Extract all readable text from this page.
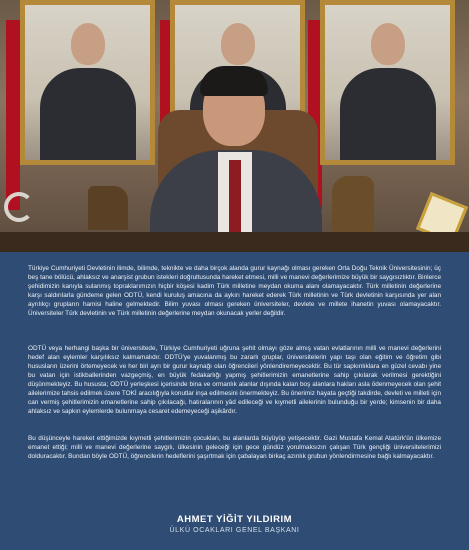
Türkiye Cumhuriyeti Devletinin ilimde, bilimde, teknikte ve daha birçok alanda gurur kaynağı olması gereken Orta Doğu Teknik Üniversitesinin; üç beş tane bölücü, ahlaksız ve anarşist grubun istekleri doğrultusunda hareket etmesi, milli ve manevi değerlerimize büyük bir saygısızlıktır. Binlerce şehidimizin kanıyla sulanmış topraklarımızın hiçbir köşesi kadim Türk milletine meydan okuma alanı olamayacaktır. Türk milletinin değerlerine karşı saldırılarla gündeme gelen ODTÜ, kendi kuruluş amacına da aykırı hareket ederek Türk milletinin ve Türk devletinin karşısında yer alan ayrılıkçı grupların hamisi haline gelmektedir. Bilim yuvası olması gereken üniversiteler, devlete ve millete ihanetin yuvası olamayacaktır. Üniversiteler Türk devletinin ve Türk milletinin değerlerine meydan okunacak yerler değildir.

ODTÜ veya herhangi başka bir üniversitede, Türkiye Cumhuriyeti uğruna şehit olmayı göze almış vatan evlatlarının milli ve manevi değerlerini hedef alan eylemler karşılıksız kalmamalıdır. ODTÜ'ye yuvalanmış bu zararlı gruplar, üniversitelerin yapı taşı olan eğitim ve öğretim gibi hususların üzerini örtemeyecek ve her biri ayrı bir gurur kaynağı olan öğrencileri yönlendiremeyecektir. Bu tür sapkınlıklara en güzel cevabı yine bu vatan için istikballerinden vazgeçmiş, en büyük fedakarlığı yapmış şehitlerimizin emanetlerine sahip çıkılarak verilmesi gerektiğini düşünmekteyiz. Bu hususta; ODTÜ yerleşkesi içerisinde bina ve ormanlık alanlar dışında kalan boş alanlara hakları asla ödenmeyecek olan şehit ailelerimize tahsis edilmek üzere TOKİ aracılığıyla konutlar inşa edilmesini önermekteyiz. Bu önerimiz hayata geçtiği takdirde, devleti ve milleti için can vermiş şehitlerimizin emanetlerine sahip çıkılacağı, hatıralarının yâd edileceği ve kıymetli ailelerinin bulunduğu bir yerde; kimsenin bir daha ahlaksız ve sapkın eylemlerde bulunmaya cesaret edemeyeceği aşikârdır.

Bu düşünceyle hareket ettiğimizde kıymetli şehitlerimizin çocukları, bu alanlarda büyüyüp yetişecektir. Gazi Mustafa Kemal Atatürk'ün ülkemize emanet ettiği; milli ve manevi değerlerine saygılı, ülkesinin geleceği için gece gündüz yorulmaksızın çalışan Türk gençliği üniversitelerimizi dolduracaktır. Bundan böyle ODTÜ, öğrencilerin hedeflerini şaşırtmak için çabalayan birkaç azınlık grubun yönlendirmesine bağlı kalmayacaktır.

AHMET YİĞİT YILDIRIM
ÜLKÜ OCAKLARI GENEL BAŞKANI
